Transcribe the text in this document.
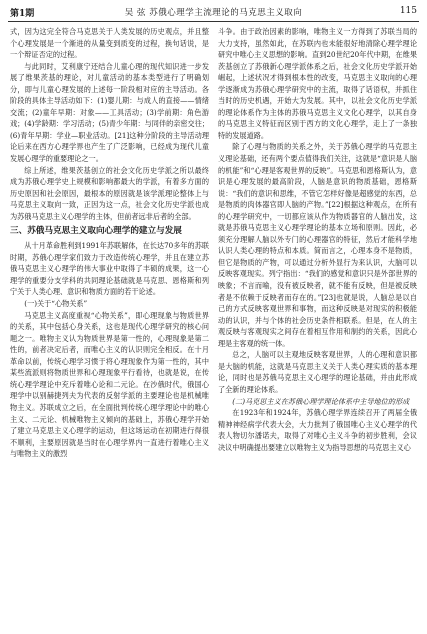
第1期	吴 弦 苏俄心理学主流理论的马克思主义取向	115

式，因为这完全符合马克思关于人类发展的历史观点，并且整个心理发展是一个渐进的从量变到质变的过程，换句话说，是一个辩证否定的过程。

与此同时，艾利康宁还结合儿童心理的现代知识进一步发展了维果茨基的理论，对儿童活动的基本类型进行了明确划分，即与儿童心理发展的上述每一阶段相对应的主导活动。各阶段的具体主导活动如下：(1)婴儿期：与成人的直接——情绪交流；(2)童年早期：对象——工具活动；(3)学前期：角色游戏；(4)学龄期：学习活动；(5)青少年期：与同伴的亲密交往；(6)青年早期：学业—职业活动。[21]这种分阶段的主导活动理论后来在西方心理学界也产生了广泛影响，已经成为现代儿童发展心理学的重要理论之一。

综上所述，维果茨基创立的社会文化历史学派之所以最终成为苏俄心理学史上规模和影响都最大的学派，有着多方面的历史原因和社会原因，最根本的原因就是该学派理论整体上与马克思主义取向一致，正因为这一点，社会文化历史学派也成为苏俄马克思主义心理学的主体，但前者远非后者的全部。

三、苏俄马克思主义取向心理学的建立与发展

从十月革命胜利到1991年苏联解体，在长达70多年的苏联时期，苏俄心理学家们致力于改造传统心理学，并且在建立苏俄马克思主义心理学的伟大事业中取得了丰硕的成果，这一心理学的重要分支学科的共同理论基础就是马克思、恩格斯和列宁关于人类心理、意识和物质方面的若干论述。

(一)关于“心物关系”

马克思主义高度重视“心物关系”，即心理现象与物质世界的关系，其中包括心身关系，这也是现代心理学研究的核心问题之一。唯物主义认为物质世界是第一性的，心理现象是第二性的，前者决定后者，而唯心主义的认识则完全相反。在十月革命以前，传统心理学习惯于将心理现象作为第一性的，其中某些流派则将物质世界和心理现象平行看待，也就是说，在传统心理学理论中充斥着唯心论和二元论。在沙俄时代，俄国心理学中以别赫捷列夫为代表的反射学派的主要理论也是机械唯物主义。苏联成立之后，在全面批判传统心理学理论中的唯心主义、二元论、机械唯物主义倾向的基础上，苏俄心理学开始了建立马克思主义心理学的运动，但这场运动在初期进行得很不顺利，主要原因就是当时在心理学界内一直进行着唯心主义与唯物主义的激烈

斗争。由于政治因素的影响，唯物主义一方得到了苏联当局的大力支持，虽然如此，在苏联内也未能很好地清除心理学理论研究中唯心主义思想的影响。直到20世纪20年代中期，在维果茨基创立了苏俄新心理学派体系之后，社会文化历史学派开始崛起，上述状况才得到根本性的改变，马克思主义取向的心理学逐渐成为苏俄心理学研究中的主流，取得了话语权，并抓住当时的历史机遇，开始大为发展。其中，以社会文化历史学派的理论体系作为主体的苏俄马克思主义文化心理学，以其自身的马克思主义特征而区别于西方的文化心理学，走上了一条独特的发展道路。

除了心理与物质的关系之外，关于苏俄心理学的马克思主义理论基础，还有两个要点值得我们关注，这就是“意识是人脑的机能”和“心理是客观世界的反映”。马克思和恩格斯认为，意识是心理发展的最高阶段，人脑是意识的物质基础，恩格斯说：“我们的意识和思维，不管它怎样好像是超感觉的东西，总是物质的肉体器官即人脑的产物。”[22]根据这种观点，在所有的心理学研究中，一切都应该从作为物质器官的人脑出发，这就是苏俄马克思主义心理学理论的基本立场和原则。因此，必须充分理解人脑以外专门的心理器官的特征，然后才能科学地认识人类心理的特点和本质。简而言之，心理本身不是物质，但它是物质的产物，可以通过分析外显行为来认识，大脑可以反映客观现实。列宁指出：“我们的感觉和意识只是外部世界的映象；不言而喻，没有被反映者，就不能有反映，但是被反映者是不依赖于反映者而存在的。”[23]也就是说，人脑总是以自己的方式反映客观世界和事物，而这种反映是对现实的积极能动的认识，并与个体的社会历史条件相联系。但是，在人的主观反映与客观现实之间存在着相互作用和制约的关系，因此心理是主客观的统一体。

总之，人脑可以主观地反映客观世界，人的心理和意识都是大脑的机能，这就是马克思主义关于人类心理实质的基本理论，同时也是苏俄马克思主义心理学的理论基础，并由此形成了全新的理论体系。

(二)马克思主义在苏俄心理学理论体系中主导地位的形成

在1923年和1924年，苏俄心理学界连续召开了两届全俄精神神经病学代表大会，大力批判了俄国唯心主义心理学的代表人物切尔潘诺夫，取得了对唯心主义斗争的初步胜利，会议决议中明确提出要建立以唯物主义为指导思想的马克思主义心
